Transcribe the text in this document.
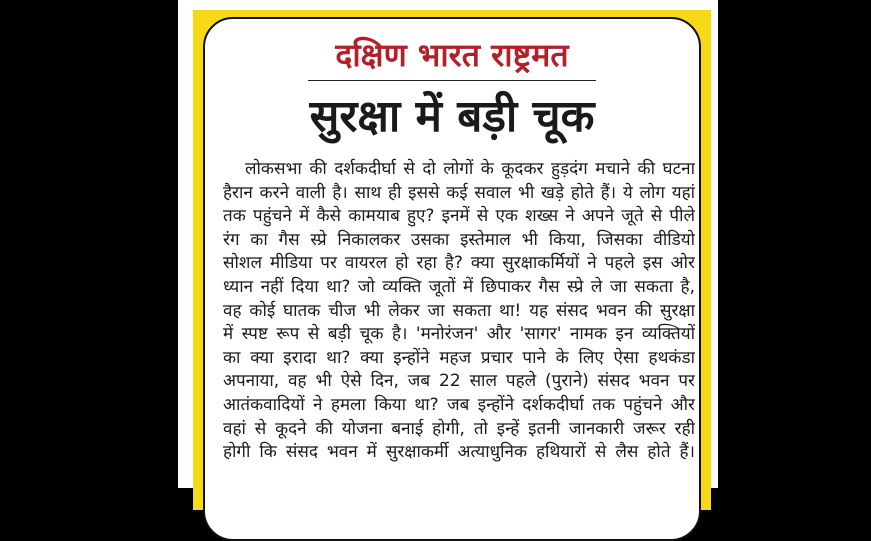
दक्षिण भारत राष्ट्रमत
सुरक्षा में बड़ी चूक
लोकसभा की दर्शकदीर्घा से दो लोगों के कूदकर हुड़दंग मचाने की घटना
हैरान करने वाली है। साथ ही इससे कई सवाल भी खड़े होते हैं। ये लोग यहां
तक पहुंचने में कैसे कामयाब हुए? इनमें से एक शख्स ने अपने जूते से पीले
रंग का गैस स्प्रे निकालकर उसका इस्तेमाल भी किया, जिसका वीडियो
सोशल मीडिया पर वायरल हो रहा है? क्या सुरक्षाकर्मियों ने पहले इस ओर
ध्यान नहीं दिया था? जो व्यक्ति जूतों में छिपाकर गैस स्प्रे ले जा सकता है,
वह कोई घातक चीज भी लेकर जा सकता था! यह संसद भवन की सुरक्षा
में स्पष्ट रूप से बड़ी चूक है। 'मनोरंजन' और 'सागर' नामक इन व्यक्तियों
का क्या इरादा था? क्या इन्होंने महज प्रचार पाने के लिए ऐसा हथकंडा
अपनाया, वह भी ऐसे दिन, जब 22 साल पहले (पुराने) संसद भवन पर
आतंकवादियों ने हमला किया था? जब इन्होंने दर्शकदीर्घा तक पहुंचने और
वहां से कूदने की योजना बनाई होगी, तो इन्हें इतनी जानकारी जरूर रही
होगी कि संसद भवन में सुरक्षाकर्मी अत्याधुनिक हथियारों से लैस होते हैं।
